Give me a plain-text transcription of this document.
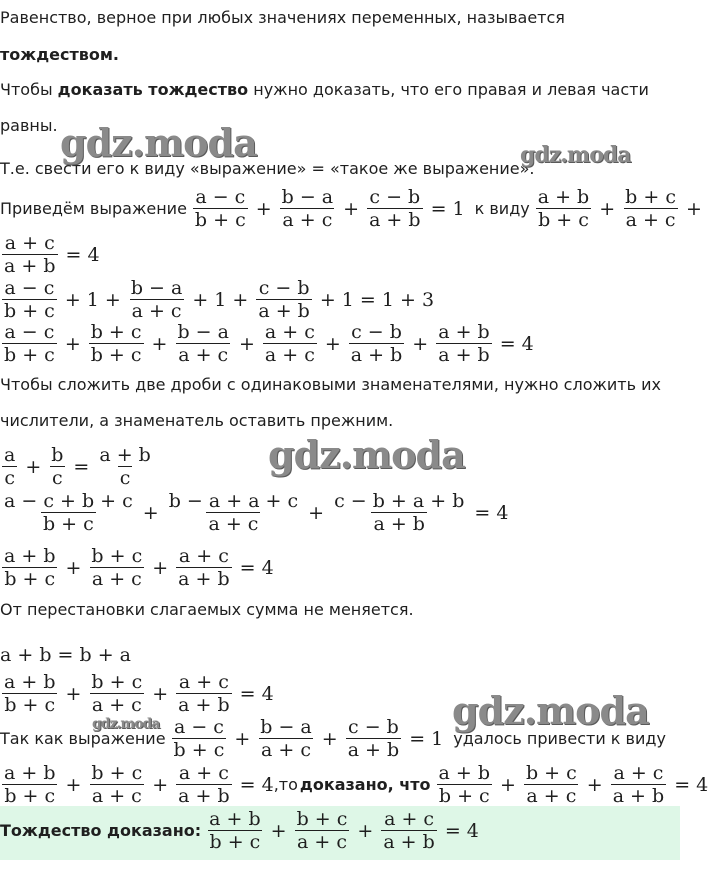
Равенство, верное при любых значениях переменных, называется
тождеством.
Чтобы доказать тождество нужно доказать, что его правая и левая части
равны.
Т.е. свести его к виду «выражение» = «такое же выражение».
Приведём выражение $\frac{a - c}{b + c} + \frac{b - a}{a + c} + \frac{c - b}{a + b} = 1$ к виду $\frac{a + b}{b + c} + \frac{b + c}{a + c}$ +
$\frac{a + c}{a + b} = 4$
$\frac{a - c}{b + c} + 1 + \frac{b - a}{a + c} + 1 + \frac{c - b}{a + b} + 1 = 1 + 3$
$\frac{a - c}{b + c} + \frac{b + c}{b + c} + \frac{b - a}{a + c} + \frac{a + c}{a + c} + \frac{c - b}{a + b} + \frac{a + b}{a + b} = 4$
Чтобы сложить две дроби с одинаковыми знаменателями, нужно сложить их
числители, а знаменатель оставить прежним.
$\frac{a}{c} + \frac{b}{c} = \frac{a + b}{c}$
$\frac{a - c + b + c}{b + c} + \frac{b - a + a + c}{a + c} + \frac{c - b + a + b}{a + b} = 4$
$\frac{a + b}{b + c} + \frac{b + c}{a + c} + \frac{a + c}{a + b} = 4$
От перестановки слагаемых сумма не меняется.
a + b = b + a
$\frac{a + b}{b + c} + \frac{b + c}{a + c} + \frac{a + c}{a + b} = 4$
Так как выражение $\frac{a - c}{b + c} + \frac{b - a}{a + c} + \frac{c - b}{a + b} = 1$ удалось привести к виду
$\frac{a + b}{b + c} + \frac{b + c}{a + c} + \frac{a + c}{a + b} = 4$ ,то доказано, что $\frac{a + b}{b + c} + \frac{b + c}{a + c} + \frac{a + c}{a + b} = 4$
Тождество доказано: $\frac{a + b}{b + c} + \frac{b + c}{a + c} + \frac{a + c}{a + b} = 4$
gdz.moda	gdz.moda
gdz.moda
gdz.moda
gdz.moda
